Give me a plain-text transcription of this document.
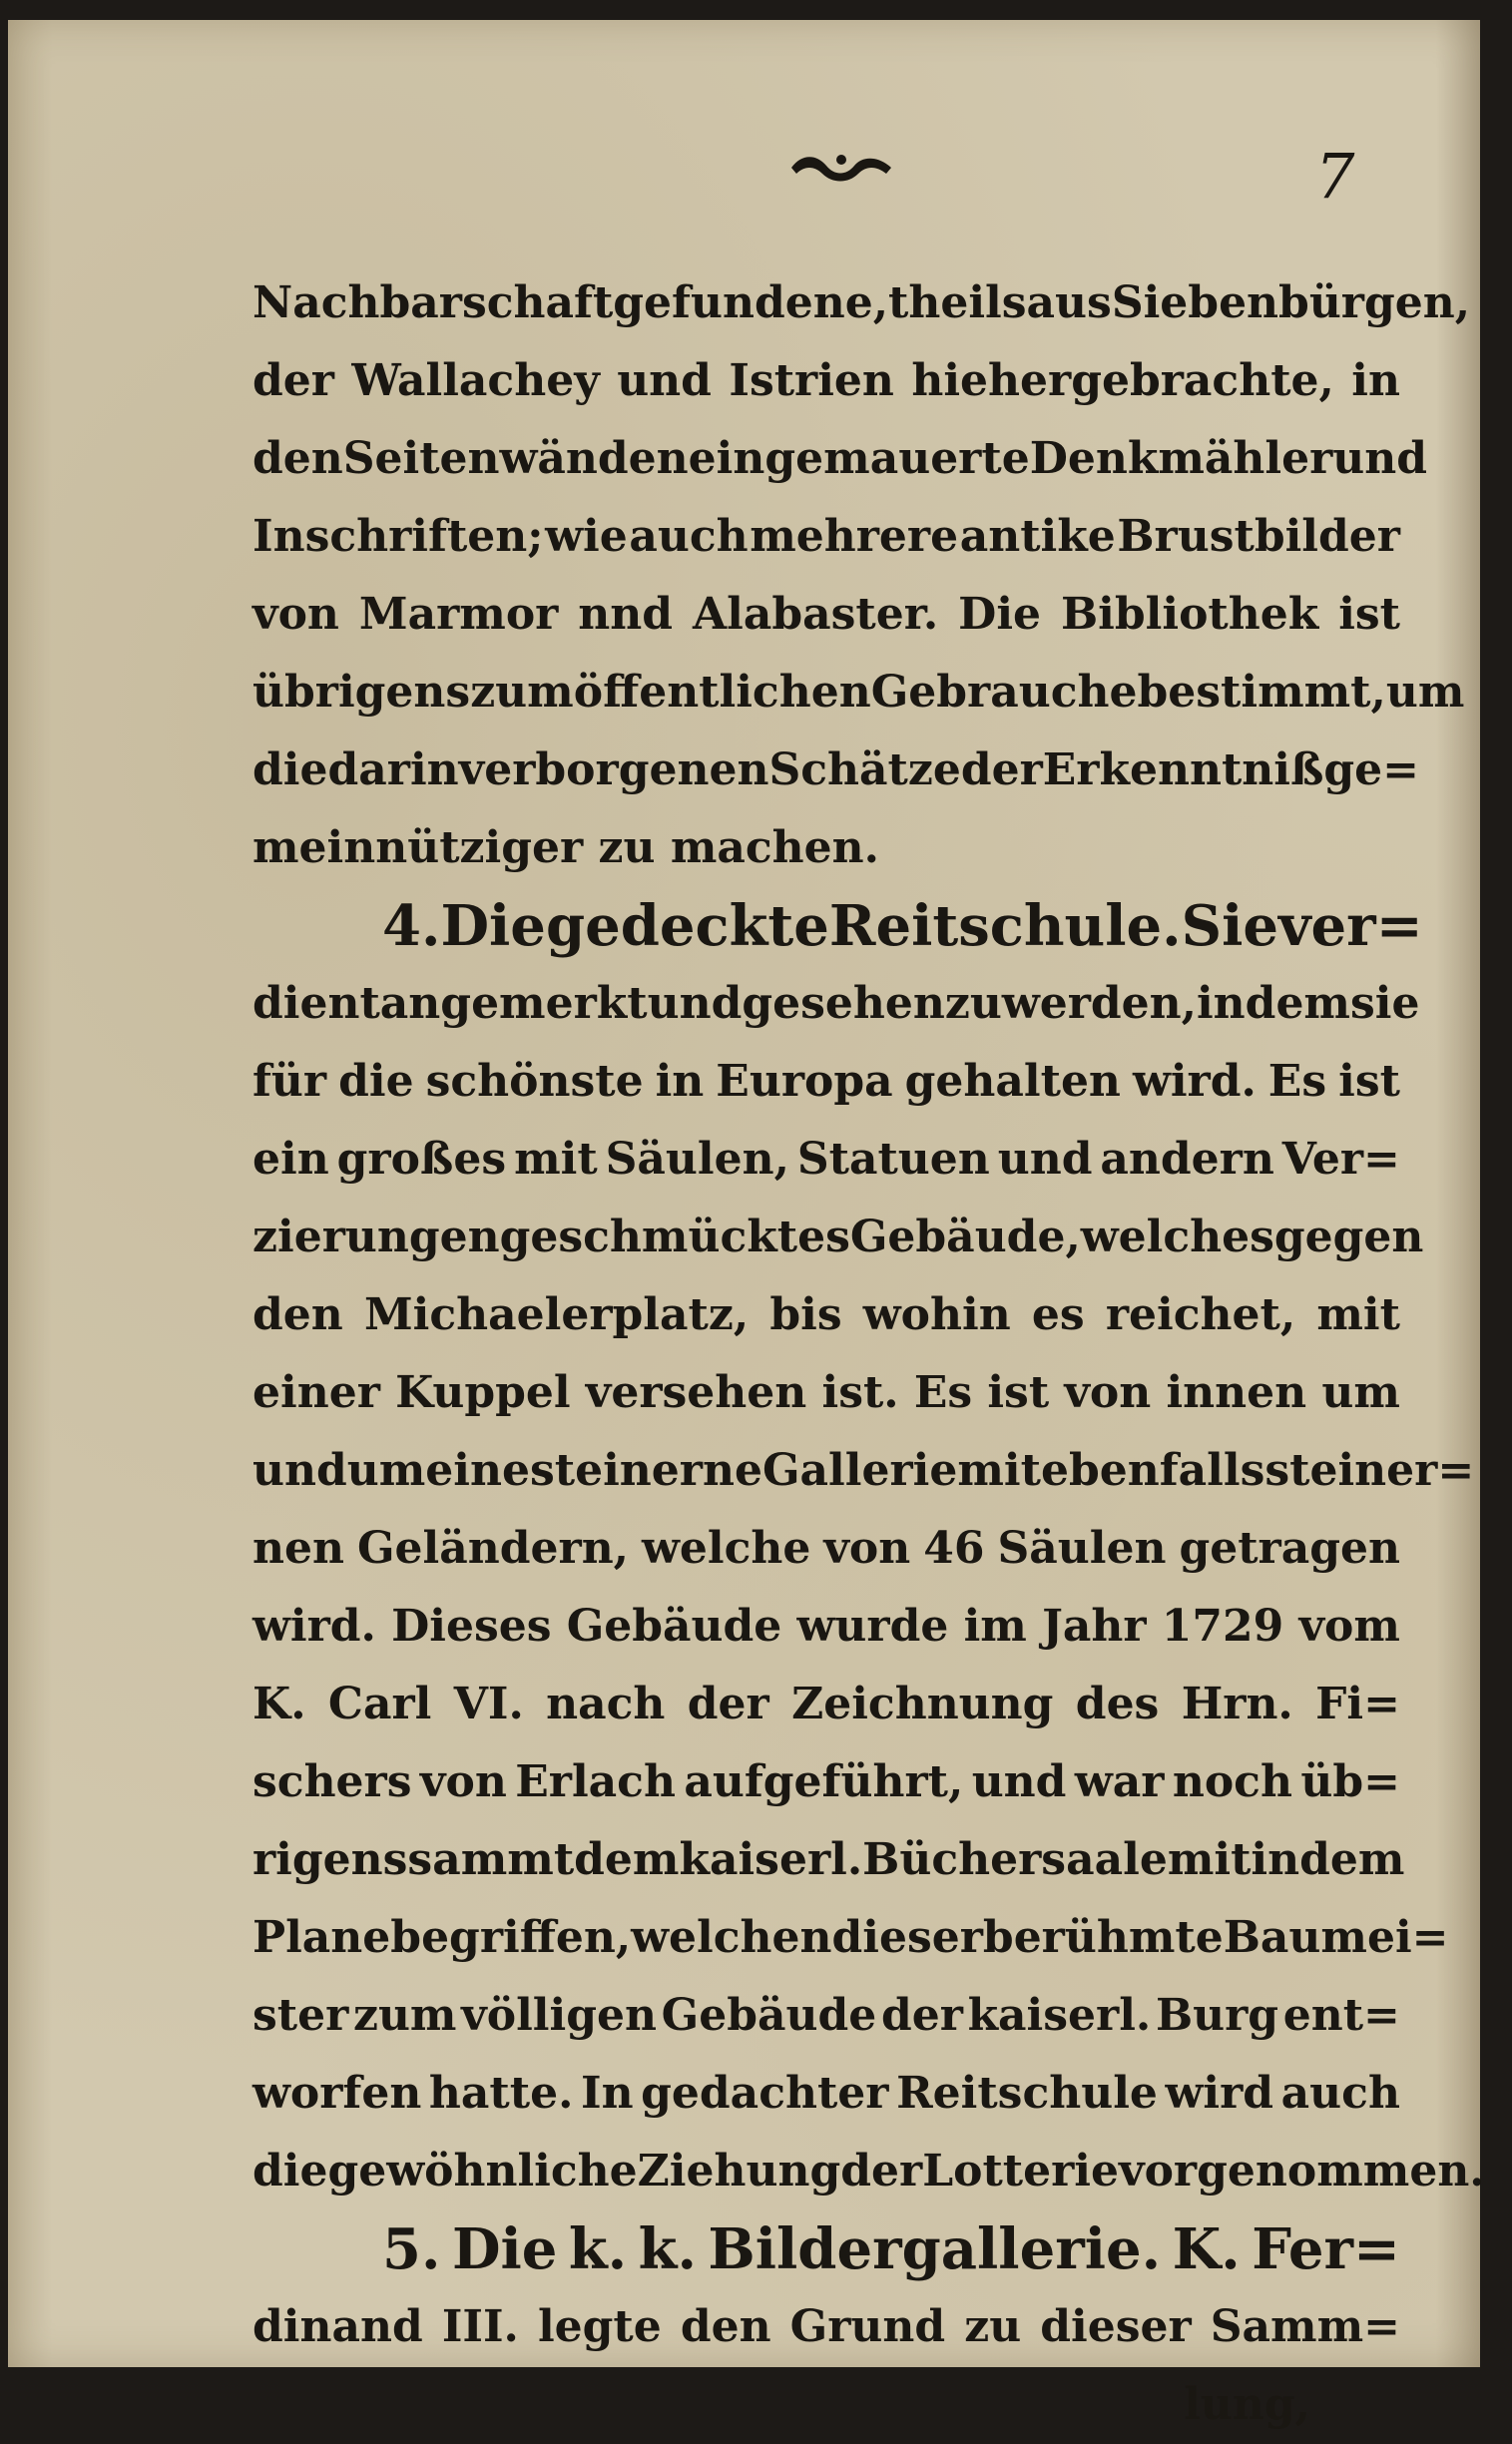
7
Nachbarschaft gefundene, theils aus Siebenbürgen,
der Wallachey und Istrien hiehergebrachte, in
den Seitenwänden eingemauerte Denkmähler und
Inschriften; wie auch mehrere antike Brustbilder
von Marmor nnd Alabaster. Die Bibliothek ist
übrigens zum öffentlichen Gebrauche bestimmt, um
die darin verborgenen Schätze der Erkenntniß ge=
meinnütziger zu machen.
4. Die gedeckte Reitschule. Sie ver=
dient angemerkt und gesehen zu werden, indem sie
für die schönste in Europa gehalten wird. Es ist
ein großes mit Säulen, Statuen und andern Ver=
zierungen geschmücktes Gebäude, welches gegen
den Michaelerplatz, bis wohin es reichet, mit
einer Kuppel versehen ist. Es ist von innen um
und um eine steinerne Gallerie mit ebenfalls steiner=
nen Geländern, welche von 46 Säulen getragen
wird. Dieses Gebäude wurde im Jahr 1729 vom
K. Carl VI. nach der Zeichnung des Hrn. Fi=
schers von Erlach aufgeführt, und war noch üb=
rigens sammt dem kaiserl. Büchersaale mit in dem
Plane begriffen, welchen dieser berühmte Baumei=
ster zum völligen Gebäude der kaiserl. Burg ent=
worfen hatte. In gedachter Reitschule wird auch
die gewöhnliche Ziehung der Lotterie vorgenommen.
5. Die k. k. Bildergallerie. K. Fer=
dinand III. legte den Grund zu dieser Samm=
lung,
